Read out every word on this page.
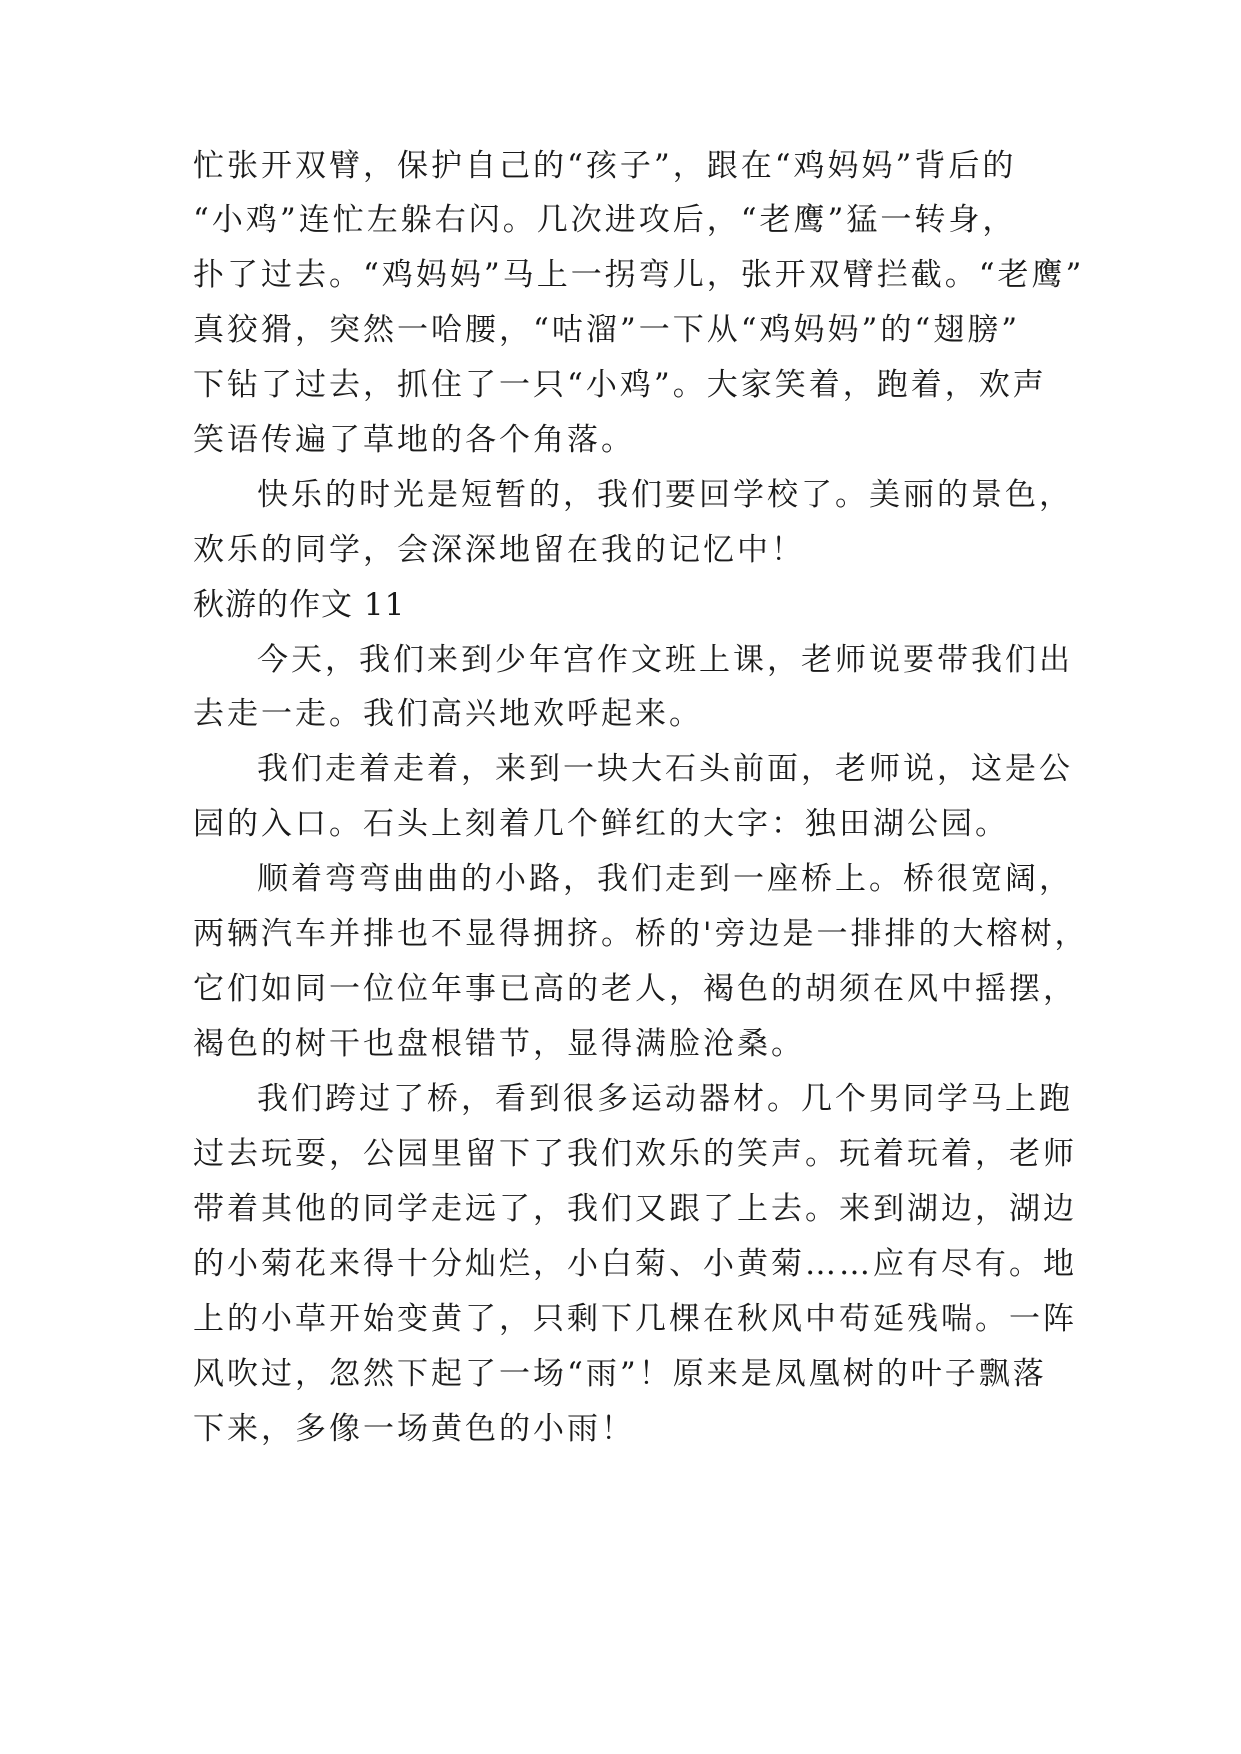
忙张开双臂，保护自己的“孩子”，跟在“鸡妈妈”背后的
“小鸡”连忙左躲右闪。几次进攻后，“老鹰”猛一转身，
扑了过去。“鸡妈妈”马上一拐弯儿，张开双臂拦截。“老鹰”
真狡猾，突然一哈腰，“咕溜”一下从“鸡妈妈”的“翅膀”
下钻了过去，抓住了一只“小鸡”。大家笑着，跑着，欢声
笑语传遍了草地的各个角落。
快乐的时光是短暂的，我们要回学校了。美丽的景色，
欢乐的同学，会深深地留在我的记忆中！
秋游的作文 11
今天，我们来到少年宫作文班上课，老师说要带我们出
去走一走。我们高兴地欢呼起来。
我们走着走着，来到一块大石头前面，老师说，这是公
园的入口。石头上刻着几个鲜红的大字：独田湖公园。
顺着弯弯曲曲的小路，我们走到一座桥上。桥很宽阔，
两辆汽车并排也不显得拥挤。桥的'旁边是一排排的大榕树，
它们如同一位位年事已高的老人，褐色的胡须在风中摇摆，
褐色的树干也盘根错节，显得满脸沧桑。
我们跨过了桥，看到很多运动器材。几个男同学马上跑
过去玩耍，公园里留下了我们欢乐的笑声。玩着玩着，老师
带着其他的同学走远了，我们又跟了上去。来到湖边，湖边
的小菊花来得十分灿烂，小白菊、小黄菊……应有尽有。地
上的小草开始变黄了，只剩下几棵在秋风中苟延残喘。一阵
风吹过，忽然下起了一场“雨”！原来是凤凰树的叶子飘落
下来，多像一场黄色的小雨！
